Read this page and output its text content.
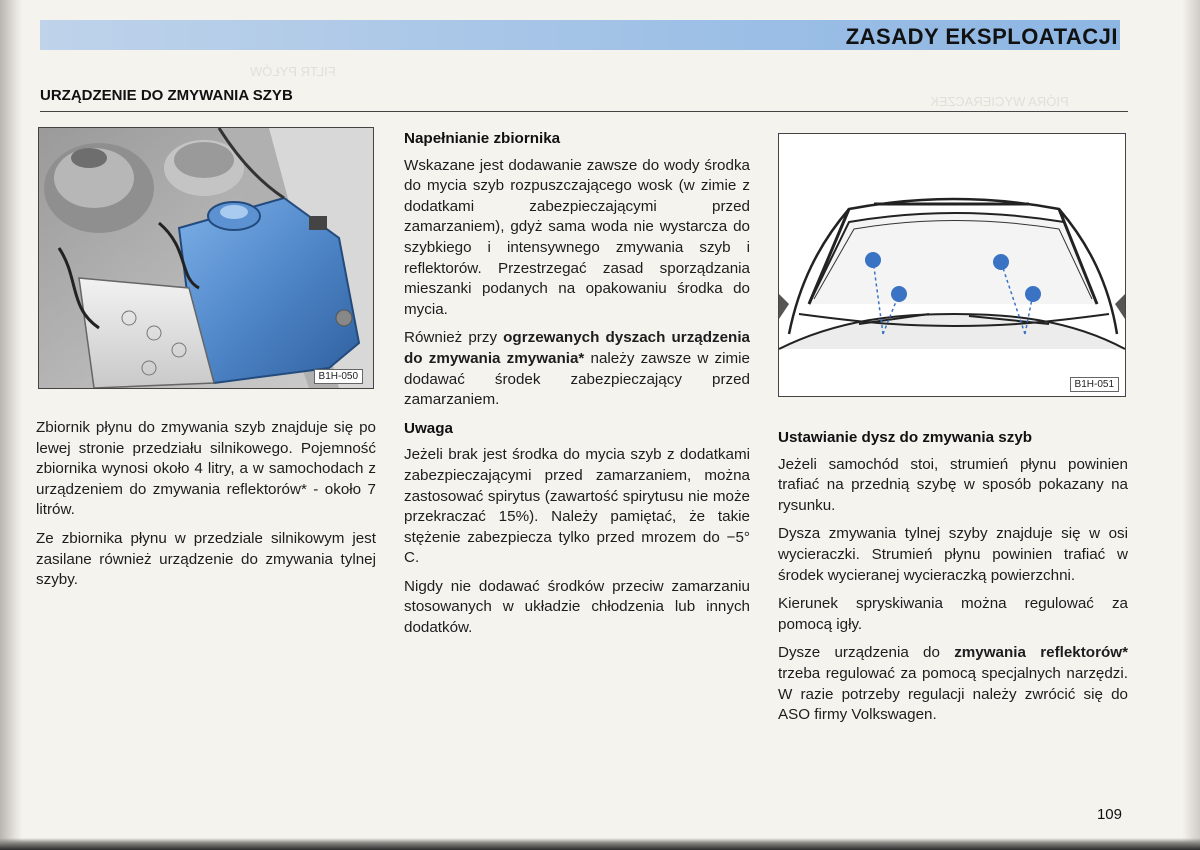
FILTR PYŁÓW
PIÓRA WYCIERACZEK
ZASADY EKSPLOATACJI
URZĄDZENIE DO ZMYWANIA SZYB
B1H-050
B1H-051

Zbiornik płynu do zmywania szyb znajduje się po lewej stronie przedziału silnikowego. Pojemność zbiornika wynosi około 4 litry, a w samochodach z urządzeniem do zmywania reflektorów* - około 7 litrów.

Ze zbiornika płynu w przedziale silnikowym jest zasilane również urządzenie do zmywania tylnej szyby.

Napełnianie zbiornika

Wskazane jest dodawanie zawsze do wody środka do mycia szyb rozpuszczającego wosk (w zimie z dodatkami zabezpieczającymi przed zamarzaniem), gdyż sama woda nie wystarcza do szybkiego i intensywnego zmywania szyb i reflektorów. Przestrzegać zasad sporządzania mieszanki podanych na opakowaniu środka do mycia.

Również przy ogrzewanych dyszach urządzenia do zmywania zmywania* należy zawsze w zimie dodawać środek zabezpieczający przed zamarzaniem.

Uwaga

Jeżeli brak jest środka do mycia szyb z dodatkami zabezpieczającymi przed zamarzaniem, można zastosować spirytus (zawartość spirytusu nie może przekraczać 15%). Należy pamiętać, że takie stężenie zabezpiecza tylko przed mrozem do −5° C.

Nigdy nie dodawać środków przeciw zamarzaniu stosowanych w układzie chłodzenia lub innych dodatków.

Ustawianie dysz do zmywania szyb

Jeżeli samochód stoi, strumień płynu powinien trafiać na przednią szybę w sposób pokazany na rysunku.

Dysza zmywania tylnej szyby znajduje się w osi wycieraczki. Strumień płynu powinien trafiać w środek wycieranej wycieraczką powierzchni.

Kierunek spryskiwania można regulować za pomocą igły.

Dysze urządzenia do zmywania reflektorów* trzeba regulować za pomocą specjalnych narzędzi. W razie potrzeby regulacji należy zwrócić się do ASO firmy Volkswagen.

109
